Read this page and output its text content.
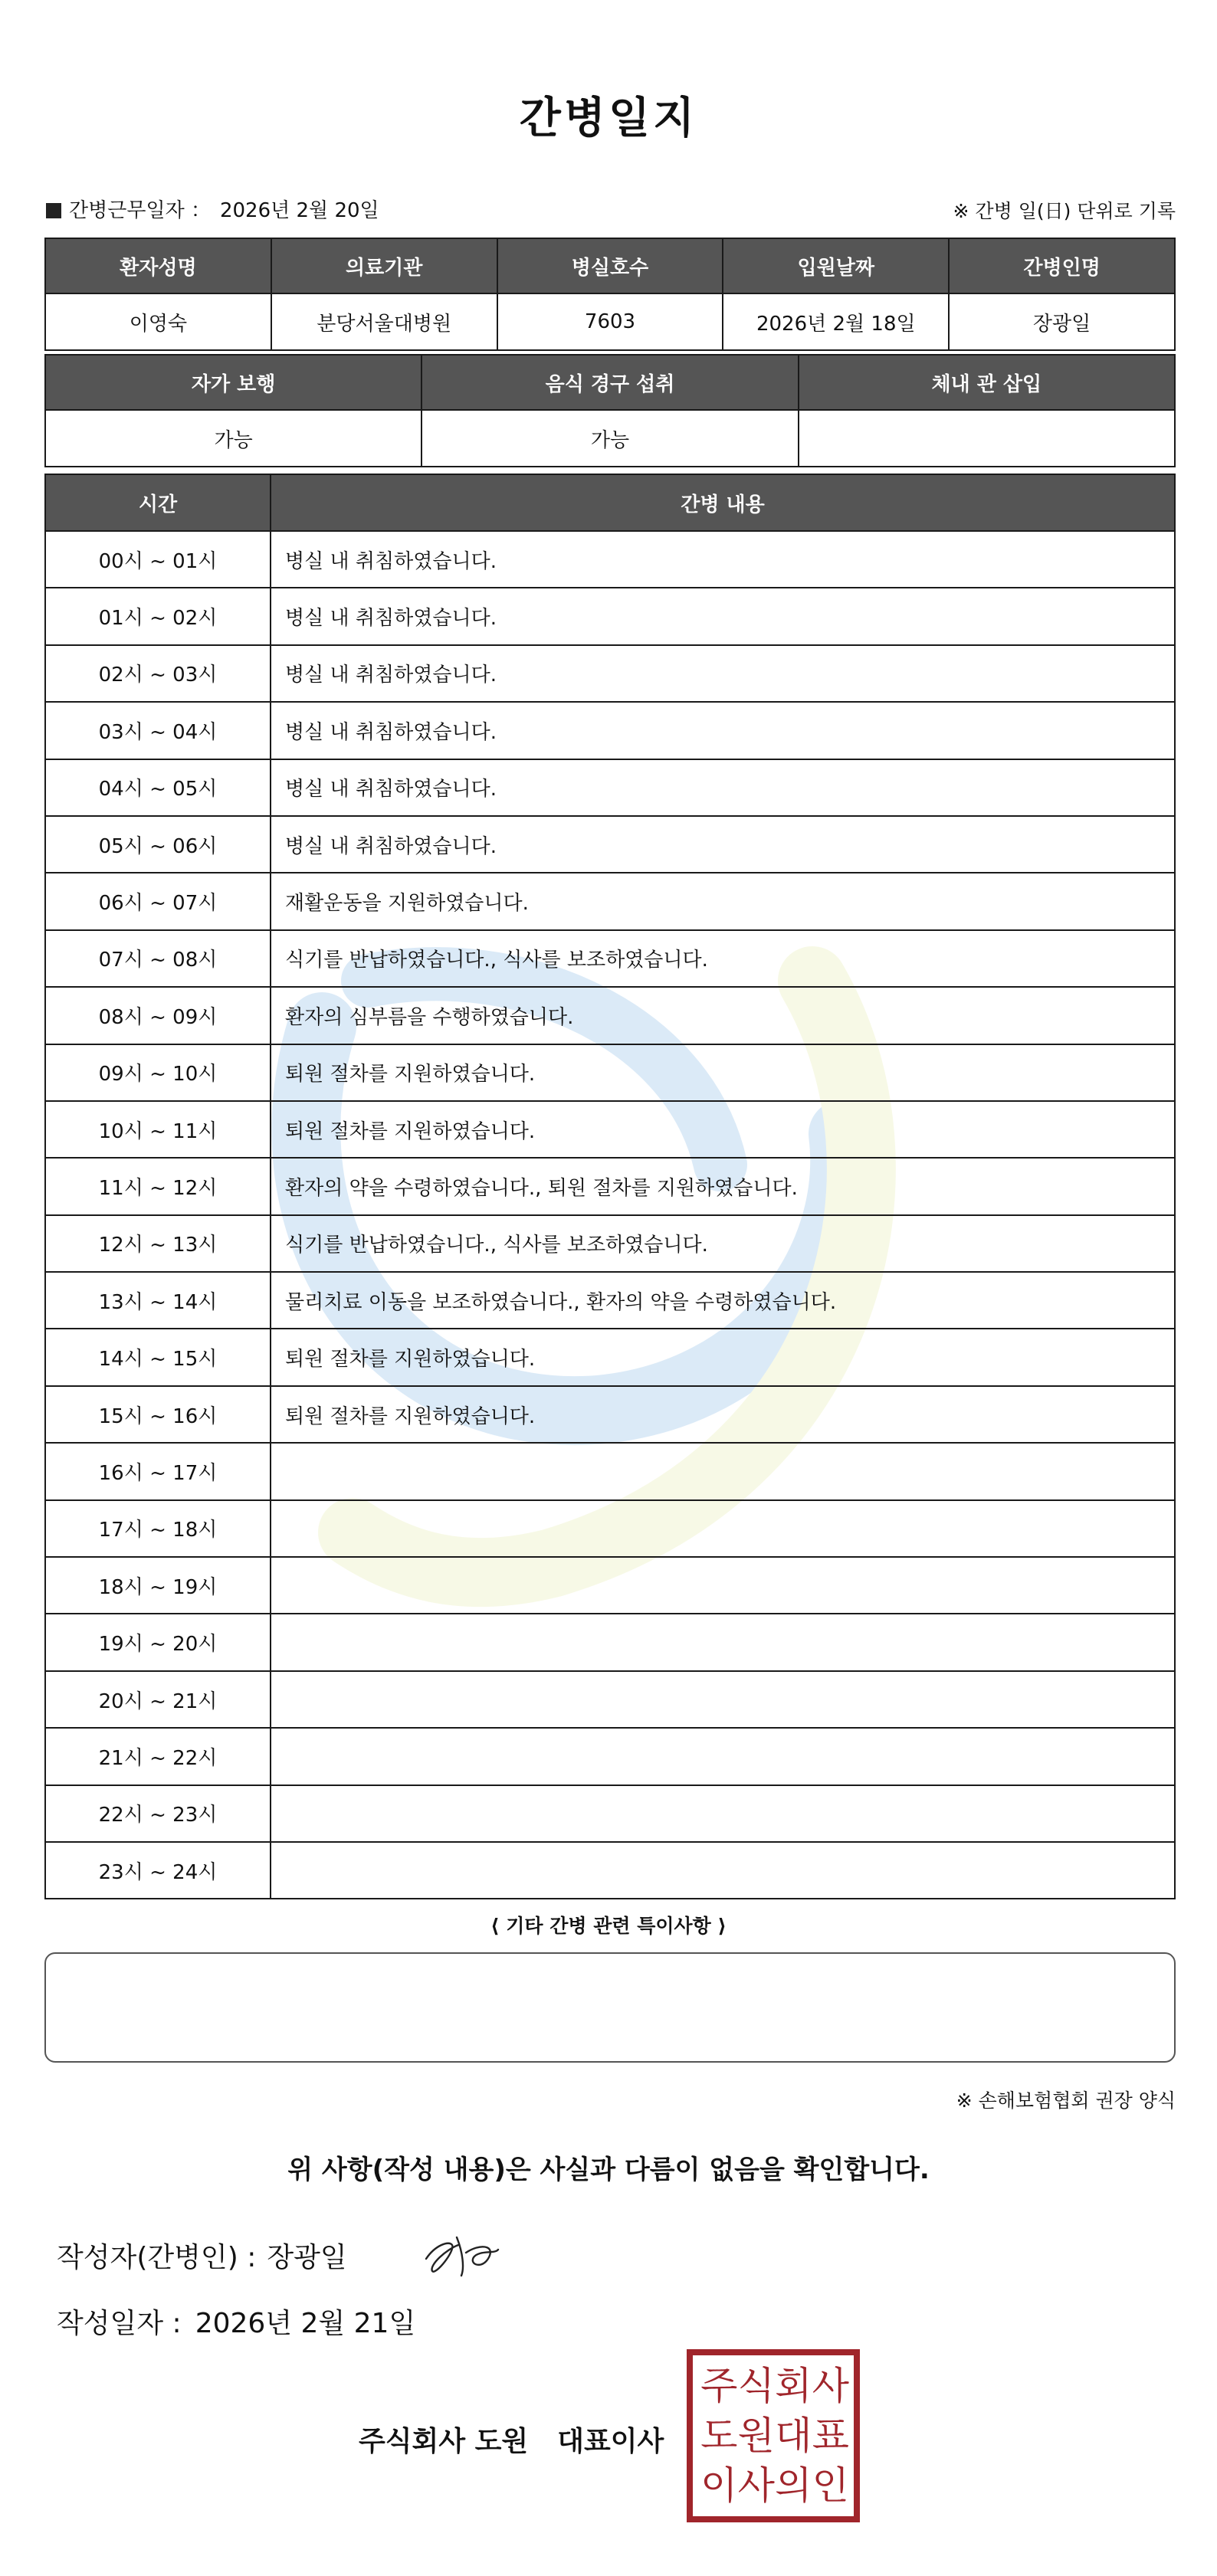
간병일지
간병근무일자 ： 2026년 2월 20일	※ 간병 일(日) 단위로 기록
환자성명	의료기관	병실호수	입원날짜	간병인명
이영숙	분당서울대병원	7603	2026년 2월 18일	장광일
자가 보행	음식 경구 섭취	체내 관 삽입
가능	가능	
시간	간병 내용
00시 ~ 01시	병실 내 취침하였습니다.
01시 ~ 02시	병실 내 취침하였습니다.
02시 ~ 03시	병실 내 취침하였습니다.
03시 ~ 04시	병실 내 취침하였습니다.
04시 ~ 05시	병실 내 취침하였습니다.
05시 ~ 06시	병실 내 취침하였습니다.
06시 ~ 07시	재활운동을 지원하였습니다.
07시 ~ 08시	식기를 반납하였습니다., 식사를 보조하였습니다.
08시 ~ 09시	환자의 심부름을 수행하였습니다.
09시 ~ 10시	퇴원 절차를 지원하였습니다.
10시 ~ 11시	퇴원 절차를 지원하였습니다.
11시 ~ 12시	환자의 약을 수령하였습니다., 퇴원 절차를 지원하였습니다.
12시 ~ 13시	식기를 반납하였습니다., 식사를 보조하였습니다.
13시 ~ 14시	물리치료 이동을 보조하였습니다., 환자의 약을 수령하였습니다.
14시 ~ 15시	퇴원 절차를 지원하였습니다.
15시 ~ 16시	퇴원 절차를 지원하였습니다.
16시 ~ 17시	
17시 ~ 18시	
18시 ~ 19시	
19시 ~ 20시	
20시 ~ 21시	
21시 ~ 22시	
22시 ~ 23시	
23시 ~ 24시	
⟨ 기타 간병 관련 특이사항 ⟩
※ 손해보험협회 권장 양식
위 사항(작성 내용)은 사실과 다름이 없음을 확인합니다.
작성자(간병인) : 장광일
작성일자 : 2026년 2월 21일
주식회사 도원 대표이사
주 식 회 사
도 원 대 표
이 사 의 인
